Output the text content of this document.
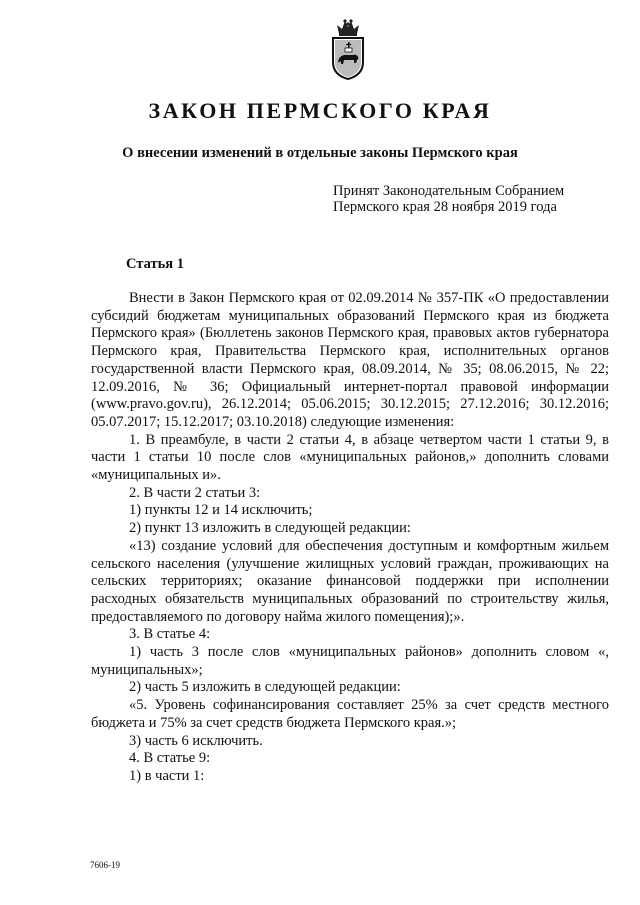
ЗАКОН ПЕРМСКОГО КРАЯ
О внесении изменений в отдельные законы Пермского края
Принят Законодательным Собранием
Пермского края 28 ноября 2019 года
Статья 1

Внести в Закон Пермского края от 02.09.2014 № 357-ПК «О предоставлении субсидий бюджетам муниципальных образований Пермского края из бюджета Пермского края» (Бюллетень законов Пермского края, правовых актов губернатора Пермского края, Правительства Пермского края, исполнительных органов государственной власти Пермского края, 08.09.2014, № 35; 08.06.2015, № 22; 12.09.2016, № 36; Официальный интернет-портал правовой информации (www.pravo.gov.ru), 26.12.2014; 05.06.2015; 30.12.2015; 27.12.2016; 30.12.2016; 05.07.2017; 15.12.2017; 03.10.2018) следующие изменения:

1. В преамбуле, в части 2 статьи 4, в абзаце четвертом части 1 статьи 9, в части 1 статьи 10 после слов «муниципальных районов,» дополнить словами «муниципальных и».

2. В части 2 статьи 3:

1) пункты 12 и 14 исключить;

2) пункт 13 изложить в следующей редакции:

«13) создание условий для обеспечения доступным и комфортным жильем сельского населения (улучшение жилищных условий граждан, проживающих на сельских территориях; оказание финансовой поддержки при исполнении расходных обязательств муниципальных образований по строительству жилья, предоставляемого по договору найма жилого помещения);».

3. В статье 4:

1) часть 3 после слов «муниципальных районов» дополнить словом «, муниципальных»;

2) часть 5 изложить в следующей редакции:

«5. Уровень софинансирования составляет 25% за счет средств местного бюджета и 75% за счет средств бюджета Пермского края.»;

3) часть 6 исключить.

4. В статье 9:

1) в части 1:

7606-19
